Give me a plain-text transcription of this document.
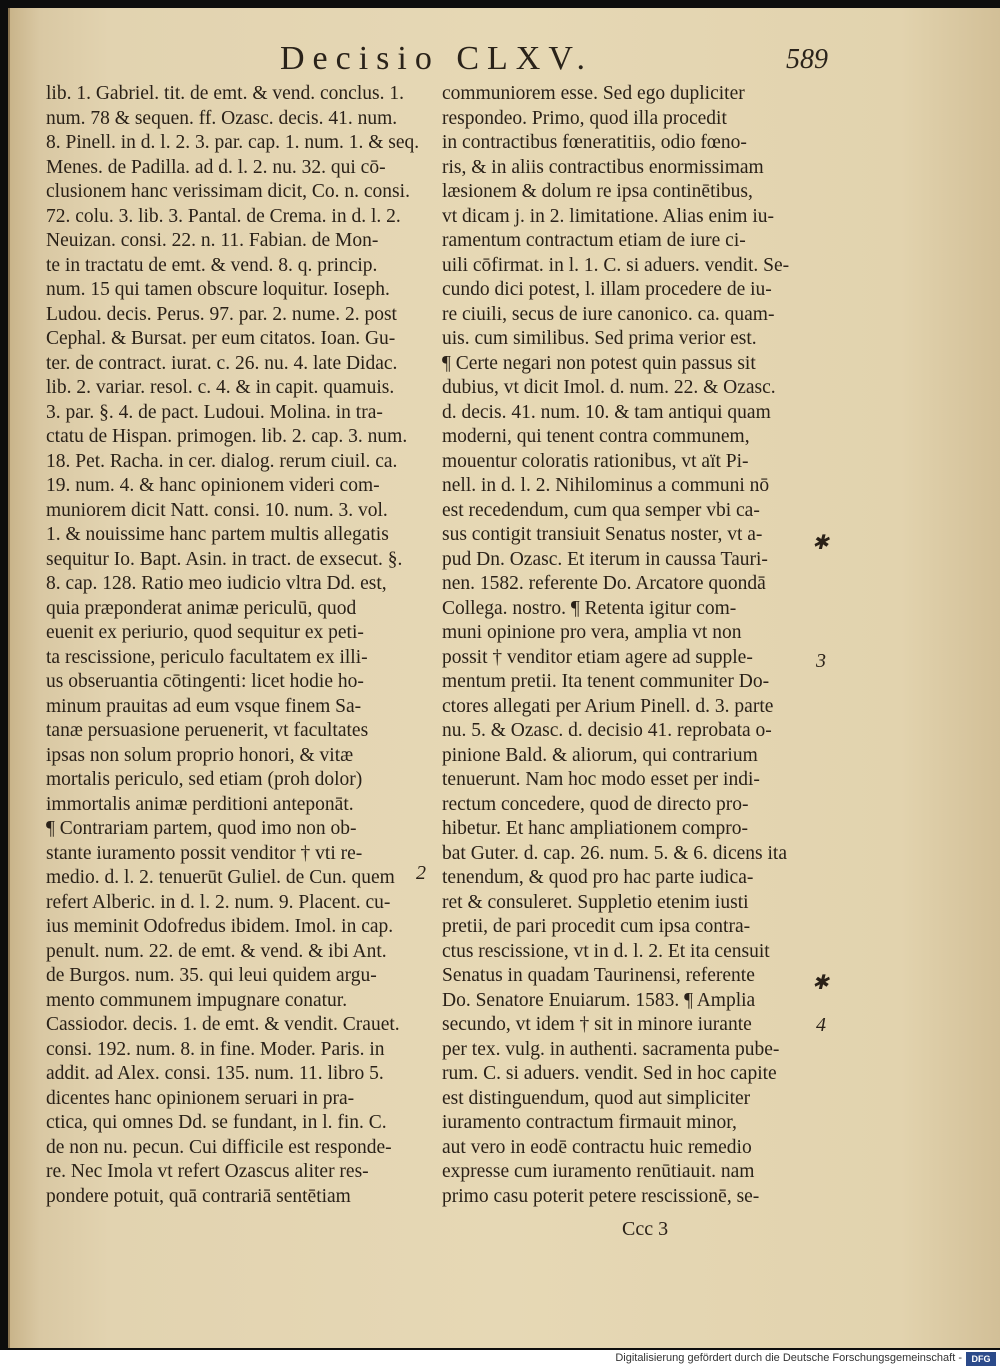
Decisio CLXV.	589
lib. 1. Gabriel. tit. de emt. & vend. conclus. 1.
num. 78 & sequen. ff. Ozasc. decis. 41. num.
8. Pinell. in d. l. 2. 3. par. cap. 1. num. 1. & seq.
Menes. de Padilla. ad d. l. 2. nu. 32. qui cō-
clusionem hanc verissimam dicit, Co. n. consi.
72. colu. 3. lib. 3. Pantal. de Crema. in d. l. 2.
Neuizan. consi. 22. n. 11. Fabian. de Mon-
te in tractatu de emt. & vend. 8. q. princip.
num. 15 qui tamen obscure loquitur. Ioseph.
Ludou. decis. Perus. 97. par. 2. nume. 2. post
Cephal. & Bursat. per eum citatos. Ioan. Gu-
ter. de contract. iurat. c. 26. nu. 4. late Didac.
lib. 2. variar. resol. c. 4. & in capit. quamuis.
3. par. §. 4. de pact. Ludoui. Molina. in tra-
ctatu de Hispan. primogen. lib. 2. cap. 3. num.
18. Pet. Racha. in cer. dialog. rerum ciuil. ca.
19. num. 4. & hanc opinionem videri com-
muniorem dicit Natt. consi. 10. num. 3. vol.
1. & nouissime hanc partem multis allegatis
sequitur Io. Bapt. Asin. in tract. de exsecut. §.
8. cap. 128. Ratio meo iudicio vltra Dd. est,
quia præponderat animæ periculū, quod
euenit ex periurio, quod sequitur ex peti-
ta rescissione, periculo facultatem ex illi-
us obseruantia cōtingenti: licet hodie ho-
minum prauitas ad eum vsque finem Sa-
tanæ persuasione peruenerit, vt facultates
ipsas non solum proprio honori, & vitæ
mortalis periculo, sed etiam (proh dolor)
immortalis animæ perditioni anteponāt.
¶ Contrariam partem, quod imo non ob-
stante iuramento possit venditor † vti re-
medio. d. l. 2. tenuerūt Guliel. de Cun. quem
refert Alberic. in d. l. 2. num. 9. Placent. cu-
ius meminit Odofredus ibidem. Imol. in cap.
penult. num. 22. de emt. & vend. & ibi Ant.
de Burgos. num. 35. qui leui quidem argu-
mento communem impugnare conatur.
Cassiodor. decis. 1. de emt. & vendit. Crauet.
consi. 192. num. 8. in fine. Moder. Paris. in
addit. ad Alex. consi. 135. num. 11. libro 5.
dicentes hanc opinionem seruari in pra-
ctica, qui omnes Dd. se fundant, in l. fin. C.
de non nu. pecun. Cui difficile est responde-
re. Nec Imola vt refert Ozascus aliter res-
pondere potuit, quā contrariā sentētiam
communiorem esse. Sed ego dupliciter
respondeo. Primo, quod illa procedit
in contractibus fœneratitiis, odio fœno-
ris, & in aliis contractibus enormissimam
læsionem & dolum re ipsa continētibus,
vt dicam j. in 2. limitatione. Alias enim iu-
ramentum contractum etiam de iure ci-
uili cōfirmat. in l. 1. C. si aduers. vendit. Se-
cundo dici potest, l. illam procedere de iu-
re ciuili, secus de iure canonico. ca. quam-
uis. cum similibus. Sed prima verior est.
¶ Certe negari non potest quin passus sit
dubius, vt dicit Imol. d. num. 22. & Ozasc.
d. decis. 41. num. 10. & tam antiqui quam
moderni, qui tenent contra communem,
mouentur coloratis rationibus, vt aït Pi-
nell. in d. l. 2. Nihilominus a communi nō
est recedendum, cum qua semper vbi ca-
sus contigit transiuit Senatus noster, vt a-
pud Dn. Ozasc. Et iterum in caussa Tauri-
nen. 1582. referente Do. Arcatore quondā
Collega. nostro. ¶ Retenta igitur com-
muni opinione pro vera, amplia vt non
possit † venditor etiam agere ad supple-
mentum pretii. Ita tenent communiter Do-
ctores allegati per Arium Pinell. d. 3. parte
nu. 5. & Ozasc. d. decisio 41. reprobata o-
pinione Bald. & aliorum, qui contrarium
tenuerunt. Nam hoc modo esset per indi-
rectum concedere, quod de directo pro-
hibetur. Et hanc ampliationem compro-
bat Guter. d. cap. 26. num. 5. & 6. dicens ita
tenendum, & quod pro hac parte iudica-
ret & consuleret. Suppletio etenim iusti
pretii, de pari procedit cum ipsa contra-
ctus rescissione, vt in d. l. 2. Et ita censuit
Senatus in quadam Taurinensi, referente
Do. Senatore Enuiarum. 1583. ¶ Amplia
secundo, vt idem † sit in minore iurante
per tex. vulg. in authenti. sacramenta pube-
rum. C. si aduers. vendit. Sed in hoc capite
est distinguendum, quod aut simpliciter
iuramento contractum firmauit minor,
aut vero in eodē contractu huic remedio
expresse cum iuramento renūtiauit. nam
primo casu poterit petere rescissionē, se-
2
✱
3
✱
4
Ccc 3
Digitalisierung gefördert durch die Deutsche Forschungsgemeinschaft -	DFG
